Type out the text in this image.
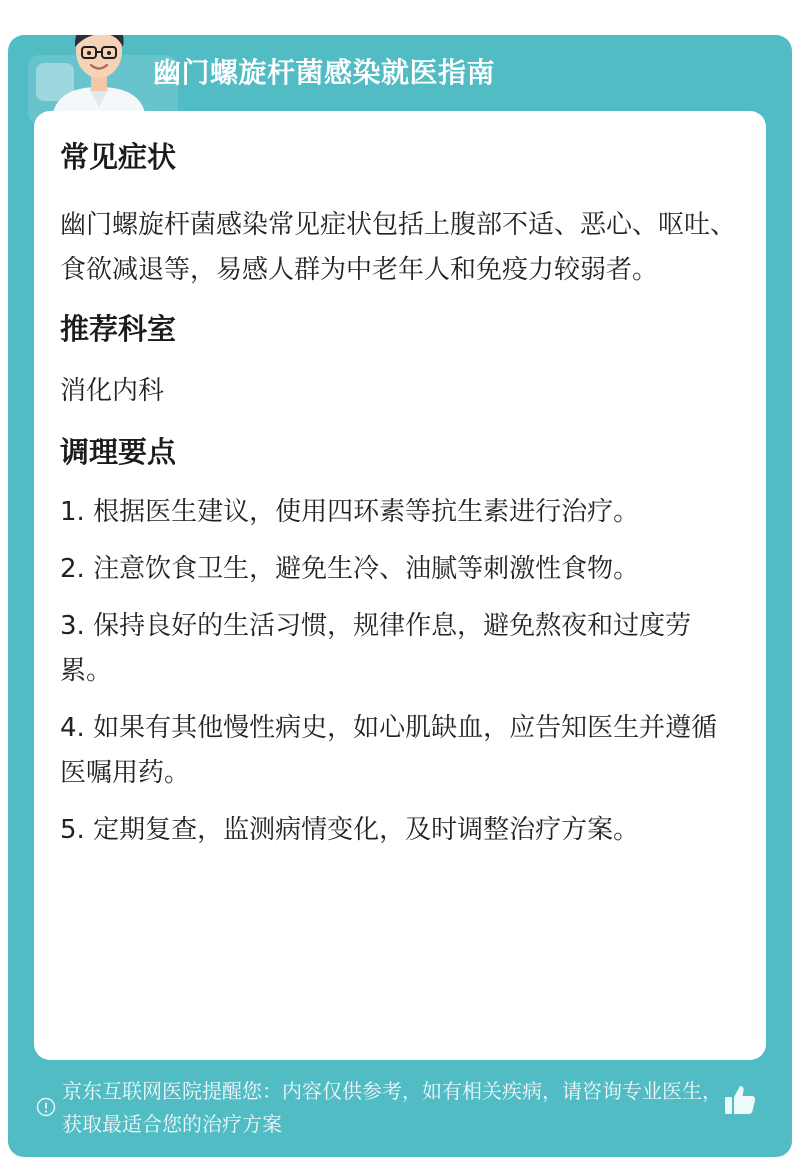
幽门螺旋杆菌感染就医指南
常见症状

幽门螺旋杆菌感染常见症状包括上腹部不适、恶心、呕吐、食欲减退等，易感人群为中老年人和免疫力较弱者。

推荐科室

消化内科

调理要点
1. 根据医生建议，使用四环素等抗生素进行治疗。
2. 注意饮食卫生，避免生冷、油腻等刺激性食物。
3. 保持良好的生活习惯，规律作息，避免熬夜和过度劳累。
4. 如果有其他慢性病史，如心肌缺血，应告知医生并遵循医嘱用药。
5. 定期复查，监测病情变化，及时调整治疗方案。
京东互联网医院提醒您：内容仅供参考，如有相关疾病，请咨询专业医生，获取最适合您的治疗方案
